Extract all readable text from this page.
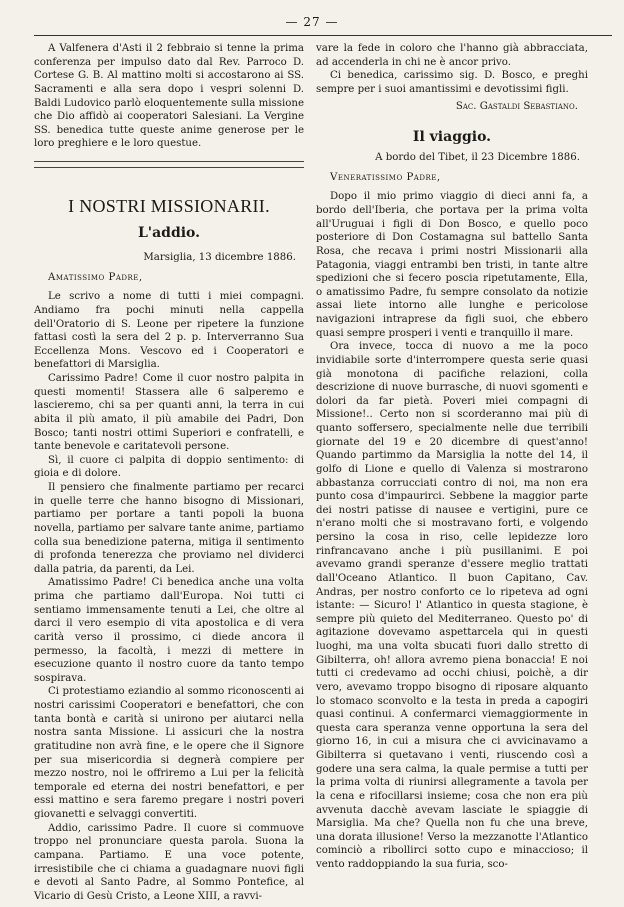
— 27 —

A Valfenera d'Asti il 2 febbraio si tenne la prima conferenza per impulso dato dal Rev. Parroco D. Cortese G. B. Al mattino molti si accostarono ai SS. Sacramenti e alla sera dopo i vespri solenni D. Baldi Ludovico parlò eloquentemente sulla missione che Dio affidò ai cooperatori Salesiani. La Vergine SS. benedica tutte queste anime generose per le loro preghiere e le loro questue.

I NOSTRI MISSIONARII.
L'addio.
Marsiglia, 13 dicembre 1886.
Amatissimo Padre,

Le scrivo a nome di tutti i miei compagni. Andiamo fra pochi minuti nella cappella dell'Oratorio di S. Leone per ripetere la funzione fattasi costì la sera del 2 p. p. Interverranno Sua Eccellenza Mons. Vescovo ed i Cooperatori e benefattori di Marsiglia.

Carissimo Padre! Come il cuor nostro palpita in questi momenti! Stassera alle 6 salperemo e lascieremo, chi sa per quanti anni, la terra in cui abita il più amato, il più amabile dei Padri, Don Bosco; tanti nostri ottimi Superiori e confratelli, e tante benevole e caritatevoli persone.

Sì, il cuore ci palpita di doppio sentimento: di gioia e di dolore.

Il pensiero che finalmente partiamo per recarci in quelle terre che hanno bisogno di Missionari, partiamo per portare a tanti popoli la buona novella, partiamo per salvare tante anime, partiamo colla sua benedizione paterna, mitiga il sentimento di profonda tenerezza che proviamo nel dividerci dalla patria, da parenti, da Lei.

Amatissimo Padre! Ci benedica anche una volta prima che partiamo dall'Europa. Noi tutti ci sentiamo immensamente tenuti a Lei, che oltre al darci il vero esempio di vita apostolica e di vera carità verso il prossimo, ci diede ancora il permesso, la facoltà, i mezzi di mettere in esecuzione quanto il nostro cuore da tanto tempo sospirava.

Ci protestiamo eziandio al sommo riconoscenti ai nostri carissimi Cooperatori e benefattori, che con tanta bontà e carità si unirono per aiutarci nella nostra santa Missione. Li assicuri che la nostra gratitudine non avrà fine, e le opere che il Signore per sua misericordia si degnerà compiere per mezzo nostro, noi le offriremo a Lui per la felicità temporale ed eterna dei nostri benefattori, e per essi mattino e sera faremo pregare i nostri poveri giovanetti e selvaggi convertiti.

Addio, carissimo Padre. Il cuore si commuove troppo nel pronunciare questa parola. Suona la campana. Partiamo. E una voce potente, irresistibile che ci chiama a guadagnare nuovi figli e devoti al Santo Padre, al Sommo Pontefice, al Vicario di Gesù Cristo, a Leone XIII, a ravvi-

vare la fede in coloro che l'hanno già abbracciata, ad accenderla in chi ne è ancor privo.

Ci benedica, carissimo sig. D. Bosco, e preghi sempre per i suoi amantissimi e devotissimi figli.

Sac. Gastaldi Sebastiano.
Il viaggio.
A bordo del Tibet, il 23 Dicembre 1886.
Veneratissimo Padre,

Dopo il mio primo viaggio di dieci anni fa, a bordo dell'Iberia, che portava per la prima volta all'Uruguai i figli di Don Bosco, e quello poco posteriore di Don Costamagna sul battello Santa Rosa, che recava i primi nostri Missionarii alla Patagonia, viaggi entrambi ben tristi, in tante altre spedizioni che si fecero poscia ripetutamente, Ella, o amatissimo Padre, fu sempre consolato da notizie assai liete intorno alle lunghe e pericolose navigazioni intraprese da figli suoi, che ebbero quasi sempre prosperi i venti e tranquillo il mare.

Ora invece, tocca di nuovo a me la poco invidiabile sorte d'interrompere questa serie quasi già monotona di pacifiche relazioni, colla descrizione di nuove burrasche, di nuovi sgomenti e dolori da far pietà. Poveri miei compagni di Missione!.. Certo non si scorderanno mai più di quanto soffersero, specialmente nelle due terribili giornate del 19 e 20 dicembre di quest'anno! Quando partimmo da Marsiglia la notte del 14, il golfo di Lione e quello di Valenza si mostrarono abbastanza corrucciati contro di noi, ma non era punto cosa d'impaurirci. Sebbene la maggior parte dei nostri patisse di nausee e vertigini, pure ce n'erano molti che si mostravano forti, e volgendo persino la cosa in riso, celle lepidezze loro rinfrancavano anche i più pusillanimi. E poi avevamo grandi speranze d'essere meglio trattati dall'Oceano Atlantico. Il buon Capitano, Cav. Andras, per nostro conforto ce lo ripeteva ad ogni istante: — Sicuro! l' Atlantico in questa stagione, è sempre più quieto del Mediterraneo. Questo po' di agitazione dovevamo aspettarcela qui in questi luoghi, ma una volta sbucati fuori dallo stretto di Gibilterra, oh! allora avremo piena bonaccia! E noi tutti ci credevamo ad occhi chiusi, poichè, a dir vero, avevamo troppo bisogno di riposare alquanto lo stomaco sconvolto e la testa in preda a capogiri quasi continui. A confermarci viemaggiormente in questa cara speranza venne opportuna la sera del giorno 16, in cui a misura che ci avvicinavamo a Gibilterra si quetavano i venti, riuscendo così a godere una sera calma, la quale permise a tutti per la prima volta di riunirsi allegramente a tavola per la cena e rifocillarsi insieme; cosa che non era più avvenuta dacchè avevam lasciate le spiaggie di Marsiglia. Ma che? Quella non fu che una breve, una dorata illusione! Verso la mezzanotte l'Atlantico cominciò a ribollirci sotto cupo e minaccioso; il vento raddoppiando la sua furia, sco-
